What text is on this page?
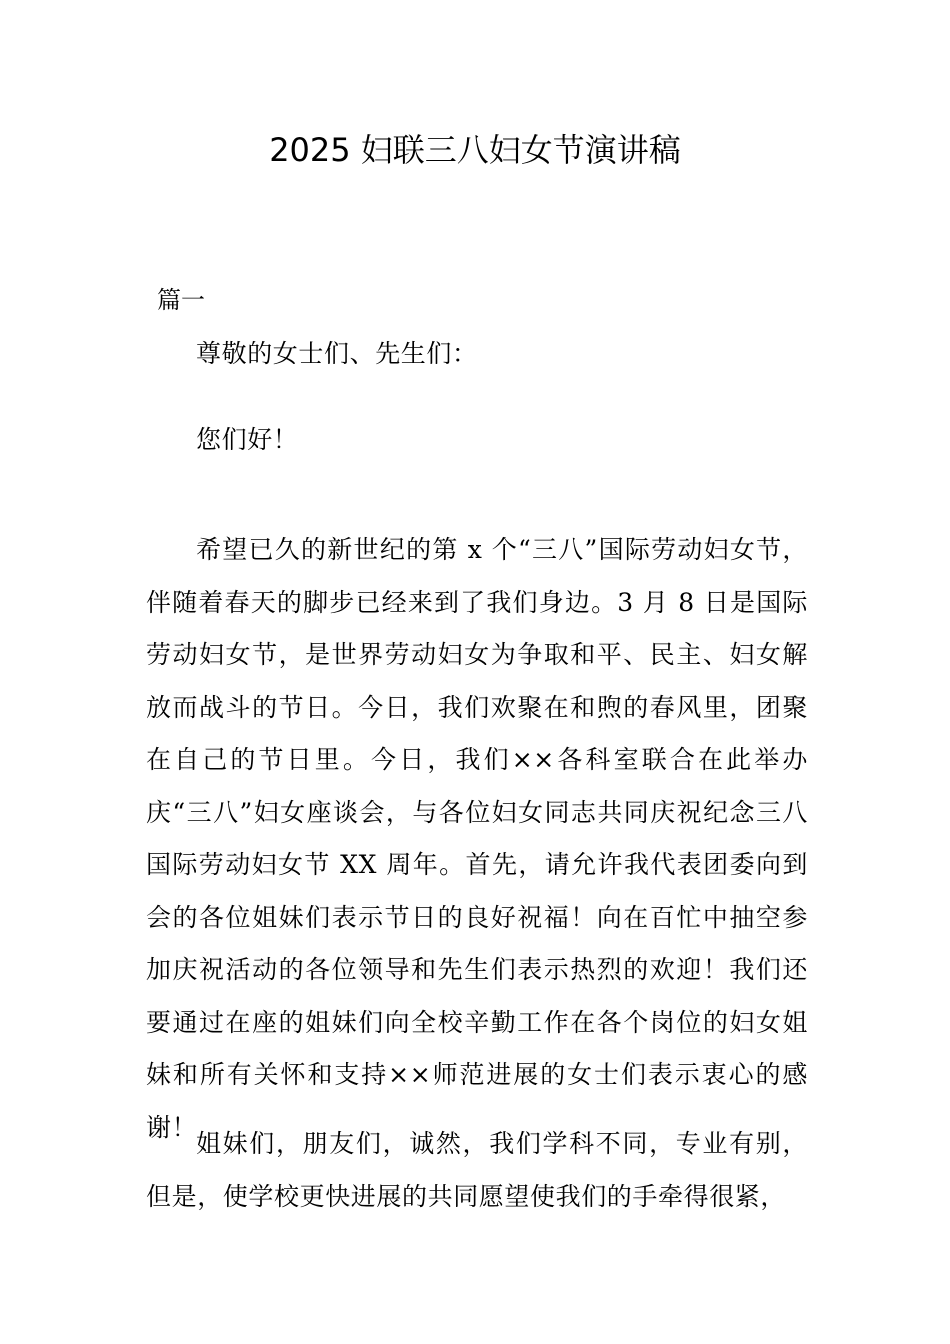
2025 妇联三八妇女节演讲稿
篇一

尊敬的女士们、先生们：

您们好！

希望已久的新世纪的第 x 个“三八”国际劳动妇女节，伴随着春天的脚步已经来到了我们身边。3 月 8 日是国际劳动妇女节，是世界劳动妇女为争取和平、民主、妇女解放而战斗的节日。今日，我们欢聚在和煦的春风里，团聚在自己的节日里。今日，我们××各科室联合在此举办庆“三八”妇女座谈会，与各位妇女同志共同庆祝纪念三八国际劳动妇女节 XX 周年。首先，请允许我代表团委向到会的各位姐妹们表示节日的良好祝福！向在百忙中抽空参加庆祝活动的各位领导和先生们表示热烈的欢迎！我们还要通过在座的姐妹们向全校辛勤工作在各个岗位的妇女姐妹和所有关怀和支持××师范进展的女士们表示衷心的感谢！

姐妹们，朋友们，诚然，我们学科不同，专业有别，但是，使学校更快进展的共同愿望使我们的手牵得很紧，
